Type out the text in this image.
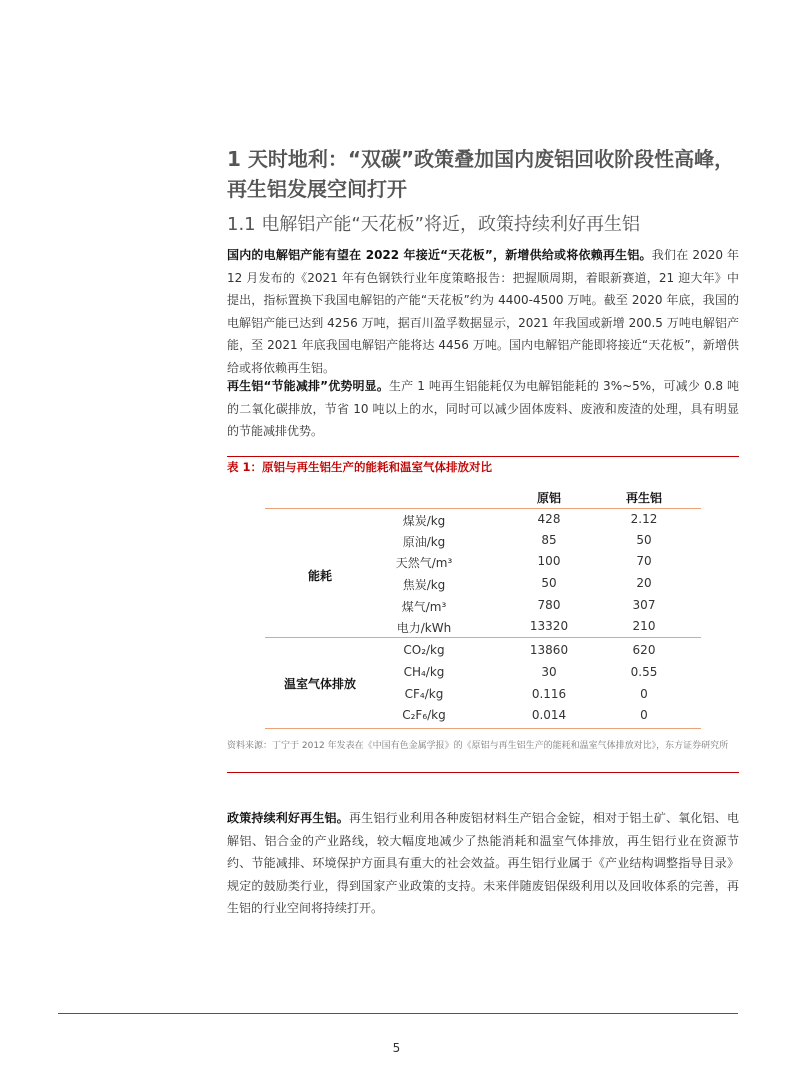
1 天时地利：“双碳”政策叠加国内废铝回收阶段性高峰，再生铝发展空间打开
1.1 电解铝产能“天花板”将近，政策持续利好再生铝
国内的电解铝产能有望在 2022 年接近“天花板”，新增供给或将依赖再生铝。我们在 2020 年 12 月发布的《2021 年有色钢铁行业年度策略报告：把握顺周期，着眼新赛道，21 迎大年》中提出，指标置换下我国电解铝的产能“天花板”约为 4400-4500 万吨。截至 2020 年底，我国的电解铝产能已达到 4256 万吨，据百川盈孚数据显示，2021 年我国或新增 200.5 万吨电解铝产能，至 2021 年底我国电解铝产能将达 4456 万吨。国内电解铝产能即将接近“天花板”，新增供给或将依赖再生铝。
再生铝“节能减排”优势明显。生产 1 吨再生铝能耗仅为电解铝能耗的 3%~5%，可减少 0.8 吨的二氧化碳排放，节省 10 吨以上的水，同时可以减少固体废料、废液和废渣的处理，具有明显的节能减排优势。
表 1：原铝与再生铝生产的能耗和温室气体排放对比
原铝	再生铝
能耗
煤炭/kg	428	2.12
原油/kg	85	50
天然气/m³	100	70
焦炭/kg	50	20
煤气/m³	780	307
电力/kWh	13320	210
温室气体排放
CO₂/kg	13860	620
CH₄/kg	30	0.55
CF₄/kg	0.116	0
C₂F₆/kg	0.014	0
资料来源：丁宁于 2012 年发表在《中国有色金属学报》的《原铝与再生铝生产的能耗和温室气体排放对比》，东方证券研究所
政策持续利好再生铝。再生铝行业利用各种废铝材料生产铝合金锭，相对于铝土矿、氧化铝、电解铝、铝合金的产业路线，较大幅度地减少了热能消耗和温室气体排放，再生铝行业在资源节约、节能减排、环境保护方面具有重大的社会效益。再生铝行业属于《产业结构调整指导目录》规定的鼓励类行业，得到国家产业政策的支持。未来伴随废铝保级利用以及回收体系的完善，再生铝的行业空间将持续打开。
5
